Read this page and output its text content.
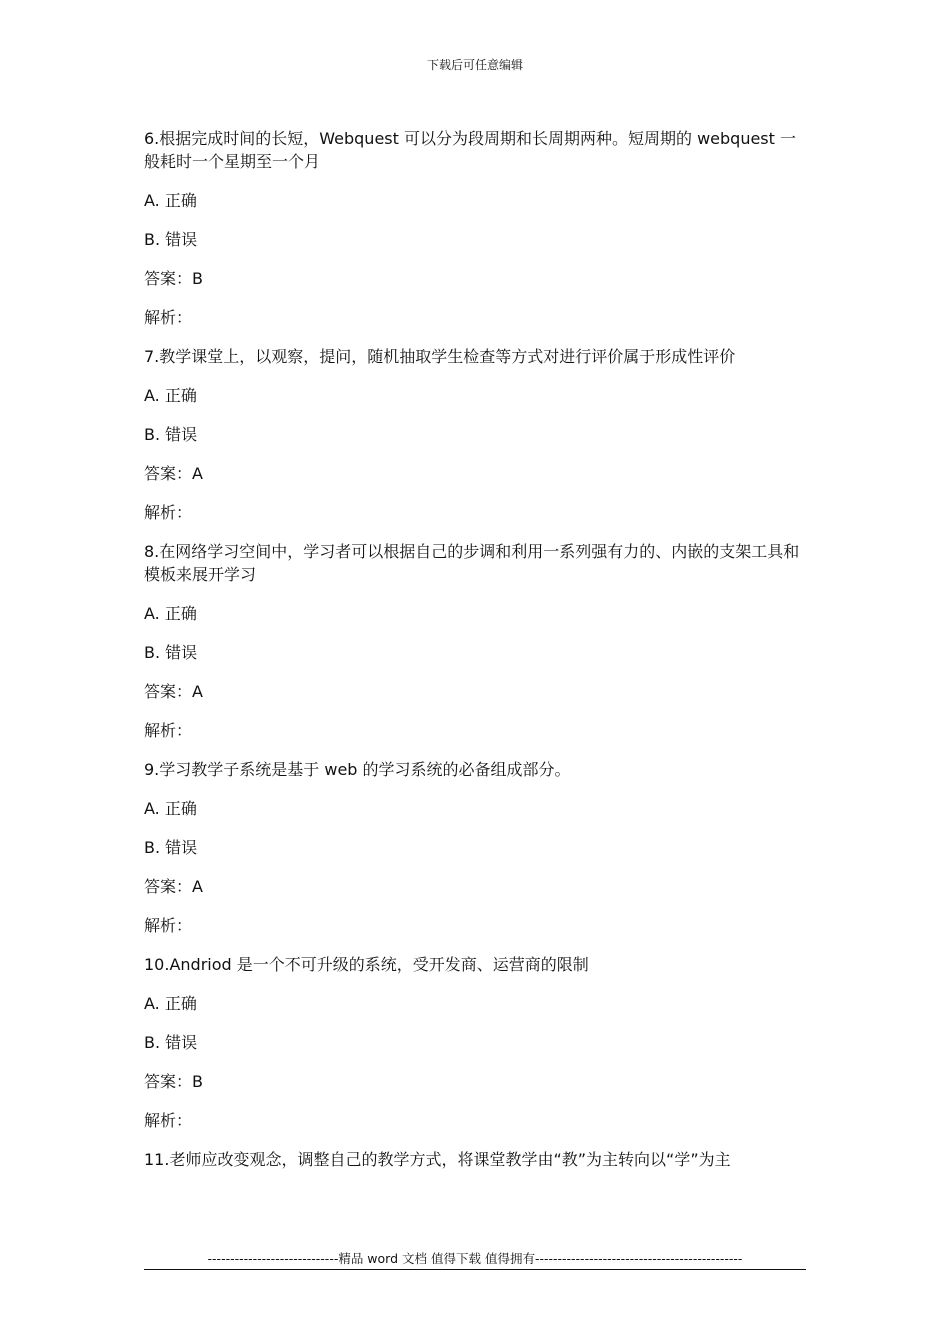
下载后可任意编辑

6.根据完成时间的长短，Webquest 可以分为段周期和长周期两种。短周期的 webquest 一般耗时一个星期至一个月

A. 正确

B. 错误

答案：B

解析：

7.教学课堂上，以观察，提问，随机抽取学生检查等方式对进行评价属于形成性评价

A. 正确

B. 错误

答案：A

解析：

8.在网络学习空间中，学习者可以根据自己的步调和利用一系列强有力的、内嵌的支架工具和模板来展开学习

A. 正确

B. 错误

答案：A

解析：

9.学习教学子系统是基于 web 的学习系统的必备组成部分。

A. 正确

B. 错误

答案：A

解析：

10.Andriod 是一个不可升级的系统，受开发商、运营商的限制

A. 正确

B. 错误

答案：B

解析：

11.老师应改变观念，调整自己的教学方式，将课堂教学由“教”为主转向以“学”为主

-----------------------------精品 word 文档 值得下载 值得拥有----------------------------------------------
